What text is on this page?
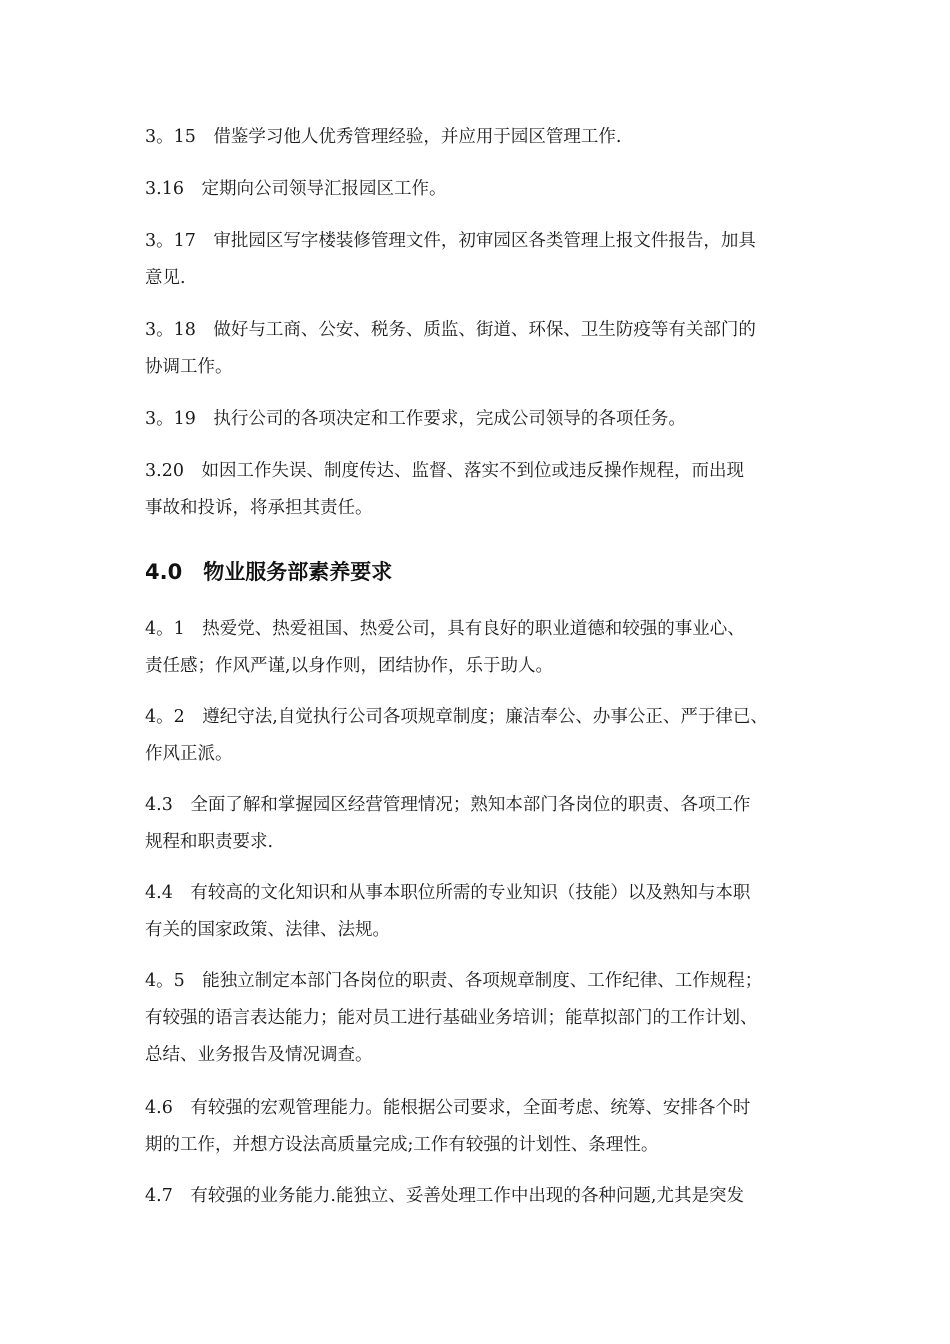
3。15　借鉴学习他人优秀管理经验，并应用于园区管理工作.

3.16　定期向公司领导汇报园区工作。

3。17　审批园区写字楼装修管理文件，初审园区各类管理上报文件报告，加具
意见.

3。18　做好与工商、公安、税务、质监、街道、环保、卫生防疫等有关部门的
协调工作。

3。19　执行公司的各项决定和工作要求，完成公司领导的各项任务。

3.20　如因工作失误、制度传达、监督、落实不到位或违反操作规程，而出现
事故和投诉，将承担其责任。

4.0　物业服务部素养要求

4。1　热爱党、热爱祖国、热爱公司，具有良好的职业道德和较强的事业心、
责任感；作风严谨,以身作则，团结协作，乐于助人。

4。2　遵纪守法,自觉执行公司各项规章制度；廉洁奉公、办事公正、严于律已、
作风正派。

4.3　全面了解和掌握园区经营管理情况；熟知本部门各岗位的职责、各项工作
规程和职责要求.

4.4　有较高的文化知识和从事本职位所需的专业知识（技能）以及熟知与本职
有关的国家政策、法律、法规。

4。5　能独立制定本部门各岗位的职责、各项规章制度、工作纪律、工作规程；
有较强的语言表达能力；能对员工进行基础业务培训；能草拟部门的工作计划、
总结、业务报告及情况调查。

4.6　有较强的宏观管理能力。能根据公司要求，全面考虑、统筹、安排各个时
期的工作，并想方设法高质量完成;工作有较强的计划性、条理性。

4.7　有较强的业务能力.能独立、妥善处理工作中出现的各种问题,尤其是突发
